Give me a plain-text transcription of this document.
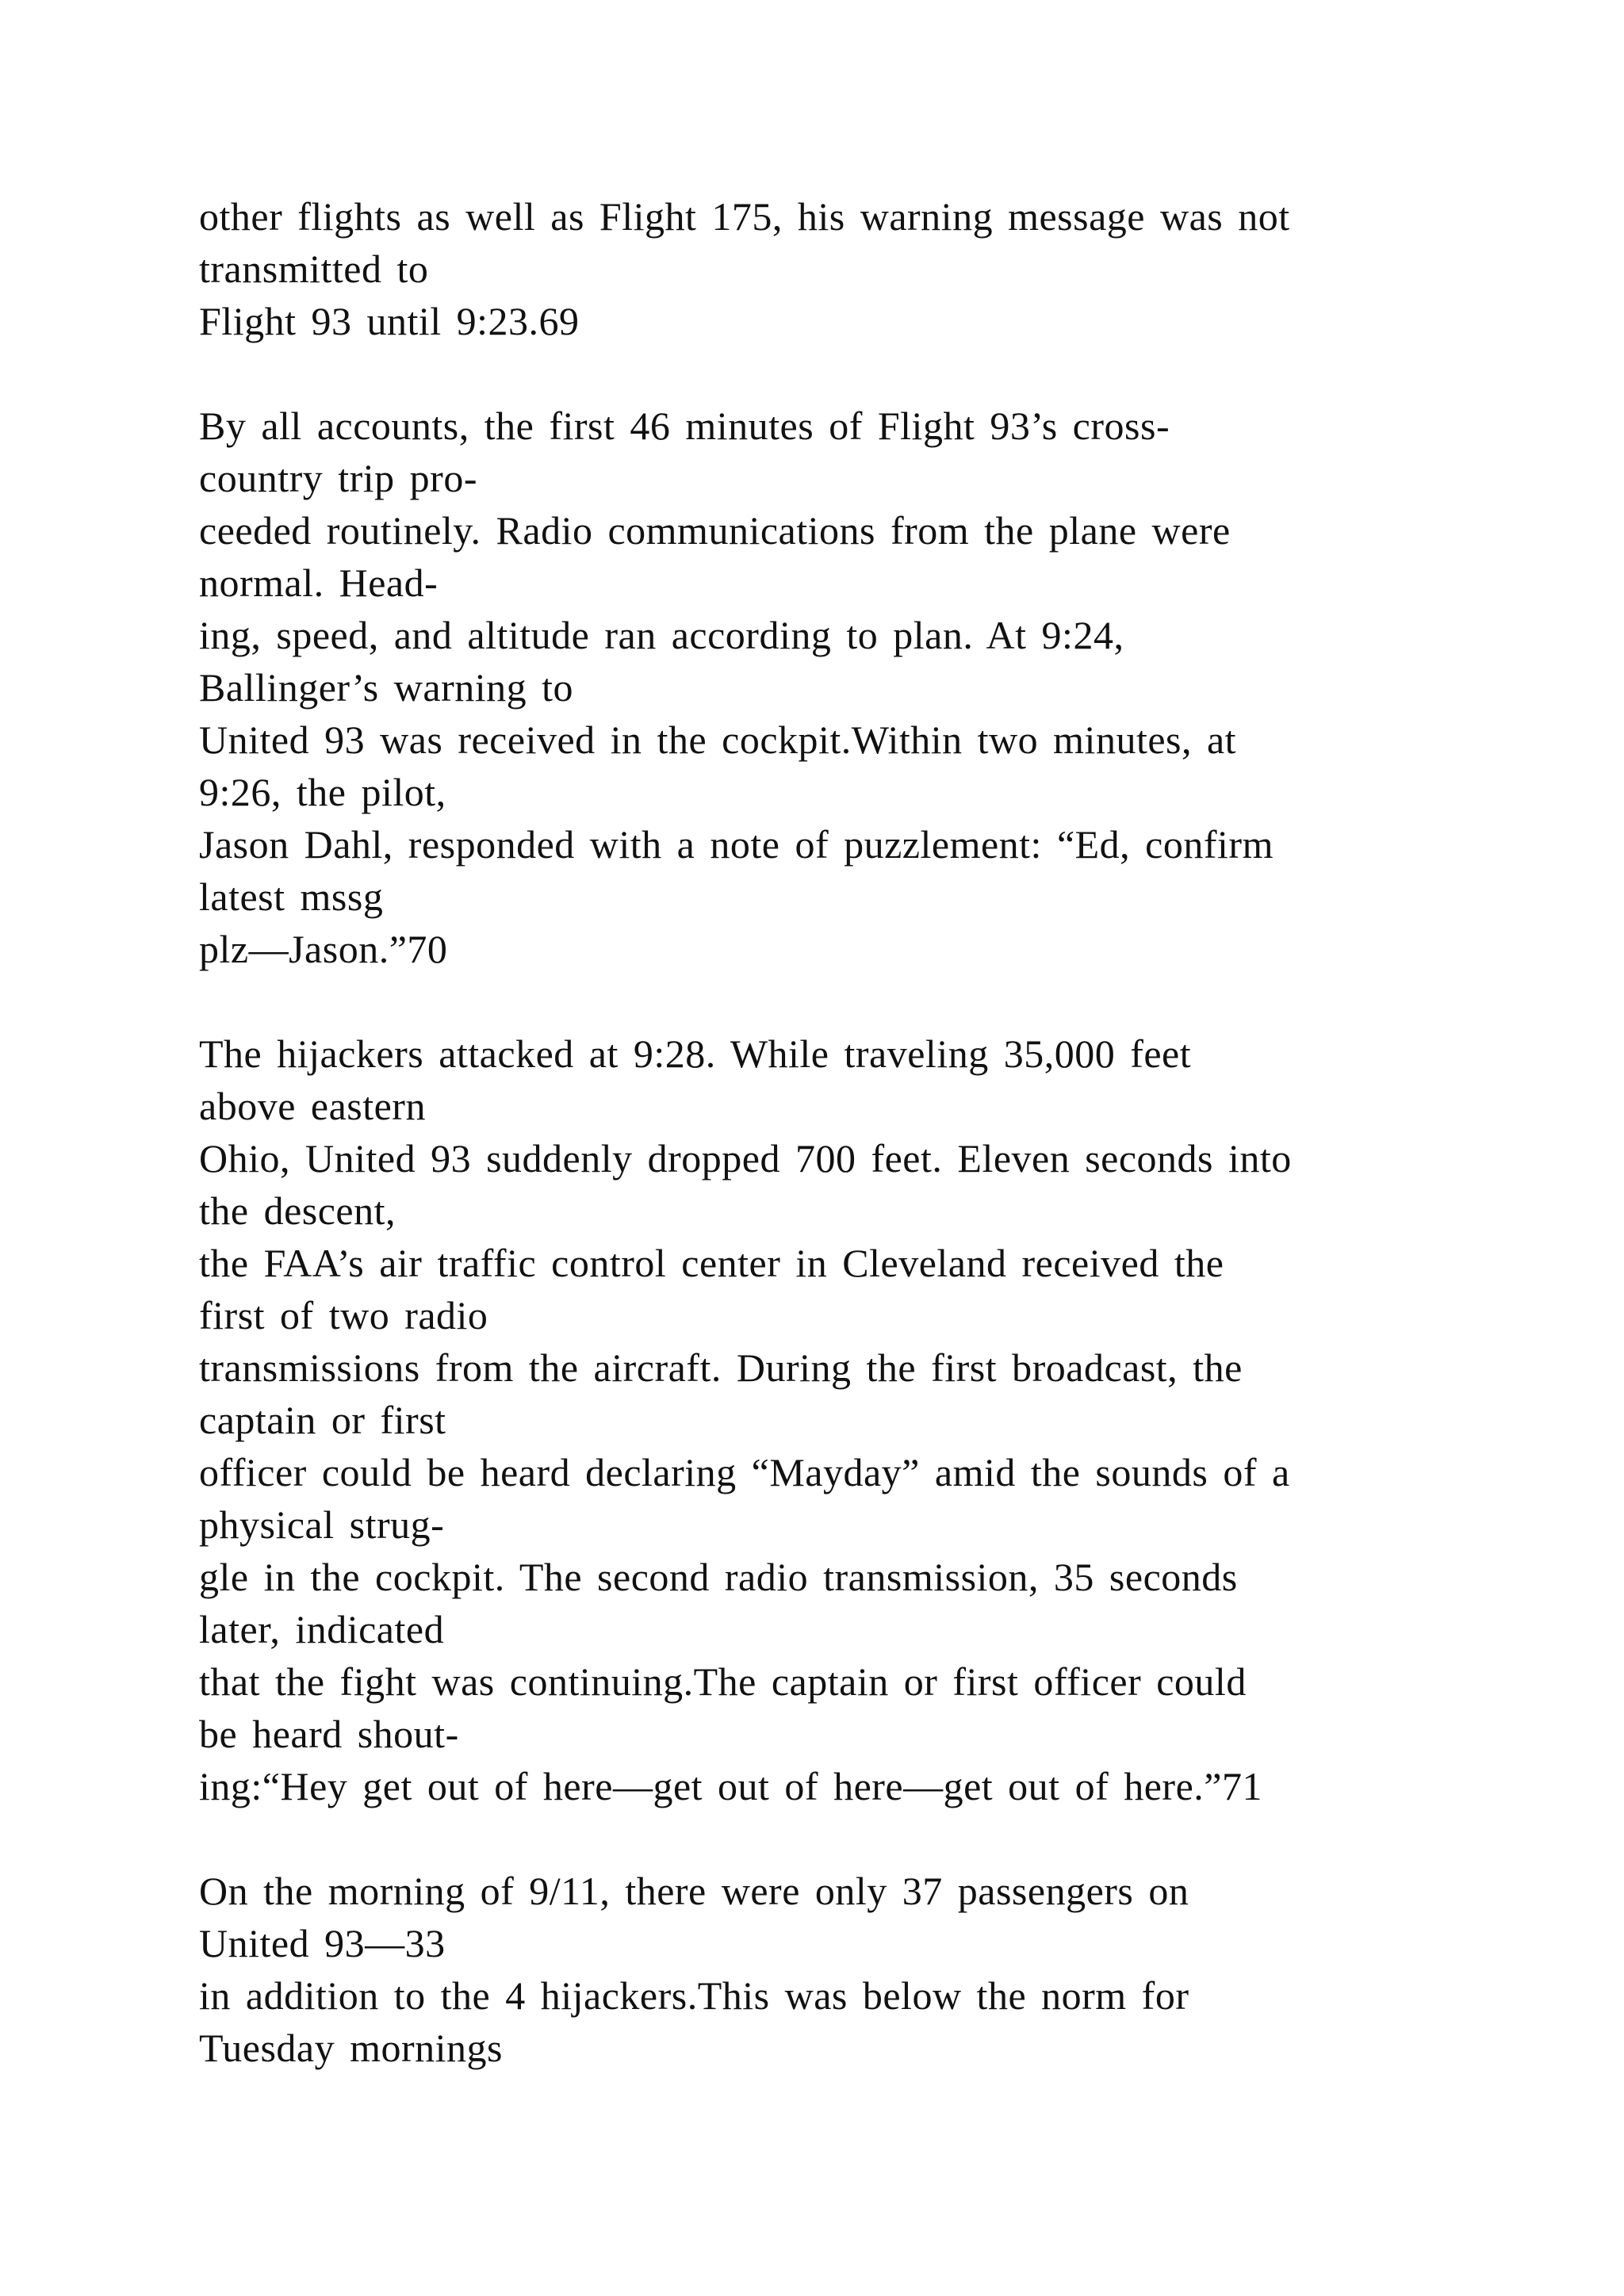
other flights as well as Flight 175, his warning message was not
transmitted to
Flight 93 until 9:23.69
By all accounts, the first 46 minutes of Flight 93’s cross-
country trip pro-
ceeded routinely. Radio communications from the plane were
normal. Head-
ing, speed, and altitude ran according to plan. At 9:24,
Ballinger’s warning to
United 93 was received in the cockpit.Within two minutes, at
9:26, the pilot,
Jason Dahl, responded with a note of puzzlement: “Ed, confirm
latest mssg
plz—Jason.”70
The hijackers attacked at 9:28. While traveling 35,000 feet
above eastern
Ohio, United 93 suddenly dropped 700 feet. Eleven seconds into
the descent,
the FAA’s air traffic control center in Cleveland received the
first of two radio
transmissions from the aircraft. During the first broadcast, the
captain or first
officer could be heard declaring “Mayday” amid the sounds of a
physical strug-
gle in the cockpit. The second radio transmission, 35 seconds
later, indicated
that the fight was continuing.The captain or first officer could
be heard shout-
ing:“Hey get out of here—get out of here—get out of here.”71
On the morning of 9/11, there were only 37 passengers on
United 93—33
in addition to the 4 hijackers.This was below the norm for
Tuesday mornings
